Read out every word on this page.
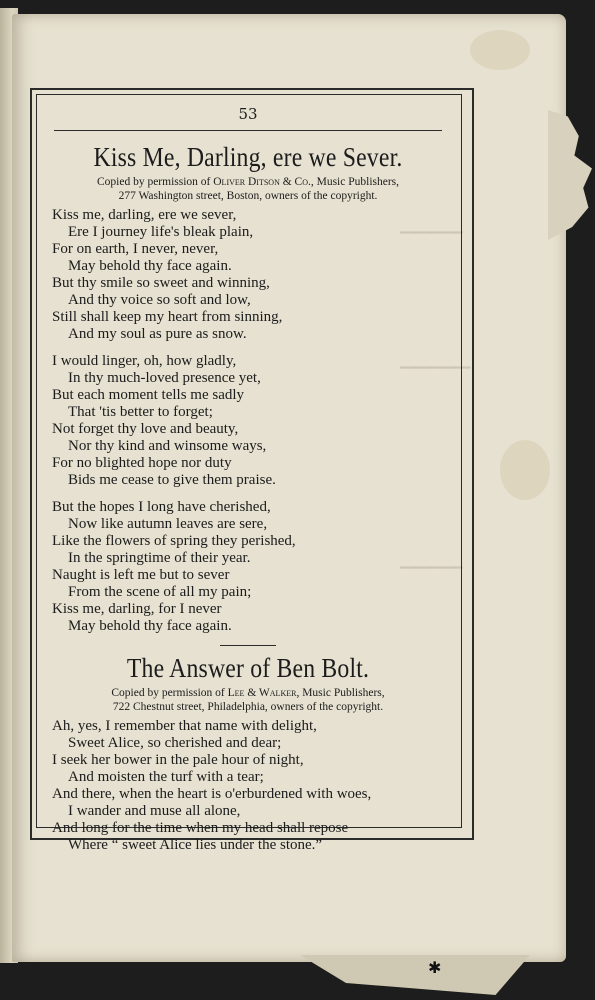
━━━━━━━━
━━━━━━━━━
━━━━━━━━

53

Kiss Me, Darling, ere we Sever.

Copied by permission of Oliver Ditson & Co., Music Publishers,

277 Washington street, Boston, owners of the copyright.

Kiss me, darling, ere we sever,

Ere I journey life's bleak plain,

For on earth, I never, never,

May behold thy face again.

But thy smile so sweet and winning,

And thy voice so soft and low,

Still shall keep my heart from sinning,

And my soul as pure as snow.

I would linger, oh, how gladly,

In thy much-loved presence yet,

But each moment tells me sadly

That 'tis better to forget;

Not forget thy love and beauty,

Nor thy kind and winsome ways,

For no blighted hope nor duty

Bids me cease to give them praise.

But the hopes I long have cherished,

Now like autumn leaves are sere,

Like the flowers of spring they perished,

In the springtime of their year.

Naught is left me but to sever

From the scene of all my pain;

Kiss me, darling, for I never

May behold thy face again.

The Answer of Ben Bolt.

Copied by permission of Lee & Walker, Music Publishers,

722 Chestnut street, Philadelphia, owners of the copyright.

Ah, yes, I remember that name with delight,

Sweet Alice, so cherished and dear;

I seek her bower in the pale hour of night,

And moisten the turf with a tear;

And there, when the heart is o'erburdened with woes,

I wander and muse all alone,

And long for the time when my head shall repose

Where “ sweet Alice lies under the stone.”

✱
